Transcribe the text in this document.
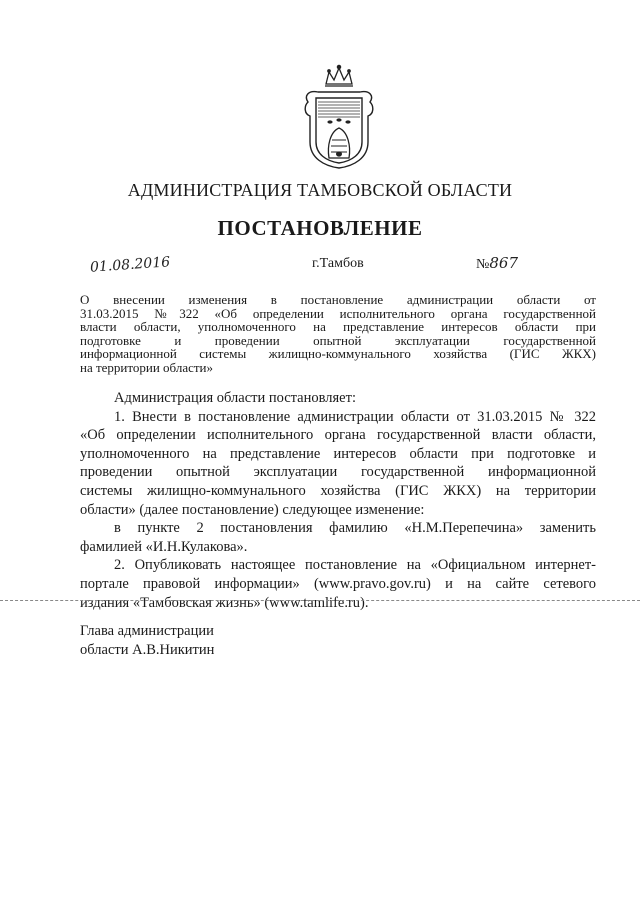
АДМИНИСТРАЦИЯ ТАМБОВСКОЙ ОБЛАСТИ
ПОСТАНОВЛЕНИЕ
01.08.2016	г.Тамбов	№867
О внесении изменения в постановление администрации области от
31.03.2015 №322 «Об определении исполнительного органа государственной
власти области, уполномоченного на представление интересов области при
подготовке и проведении опытной эксплуатации государственной
информационной системы жилищно-коммунального хозяйства (ГИС ЖКХ)
на территории области»
Администрация области постановляет:
1. Внести в постановление администрации области от 31.03.2015 № 322
«Об определении исполнительного органа государственной власти области,
уполномоченного на представление интересов области при подготовке и
проведении опытной эксплуатации государственной информационной
системы жилищно-коммунального хозяйства (ГИС ЖКХ) на территории
области» (далее постановление) следующее изменение:
в пункте 2 постановления фамилию «Н.М.Перепечина» заменить
фамилией «И.Н.Кулакова».
2. Опубликовать настоящее постановление на «Официальном интернет-
портале правовой информации» (www.pravo.gov.ru) и на сайте сетевого
издания «Тамбовская жизнь» (www.tamlife.ru).
Глава администрации
области А.В.Никитин
